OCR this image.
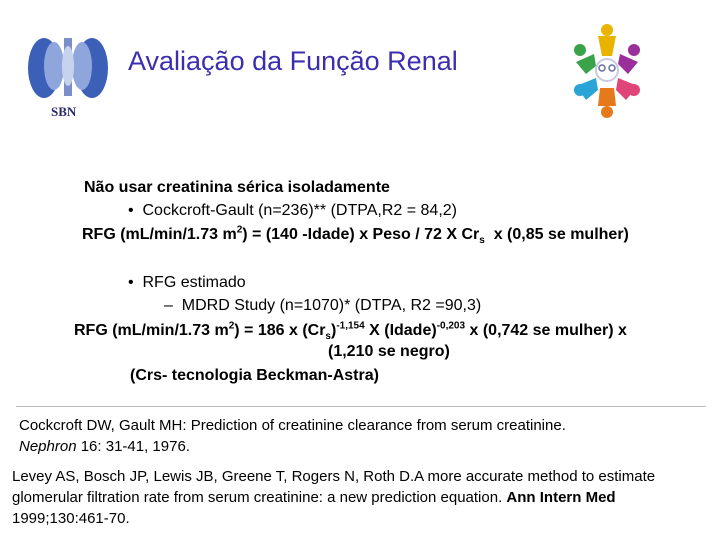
SBN
Avaliação da Função Renal
Não usar creatinina sérica isoladamente
•  Cockcroft-Gault (n=236)** (DTPA,R2 = 84,2)
RFG (mL/min/1.73 $m^2) = (140$ -Idade) x Peso / 72 X $Cr_s$ x (0,85 se mulher)
•  RFG estimado
–  MDRD Study (n=1070)* (DTPA, R2 =90,3)
RFG (mL/min/1.73 $m^2) = 186$ x $(Cr_s)^{-1,154}$ X (Idade)$^{-0,203}$ x (0,742 se mulher) x
(1,210 se negro)
(Crs- tecnologia Beckman-Astra)
Cockcroft DW, Gault MH: Prediction of creatinine clearance from serum creatinine.
Nephron 16: 31-41, 1976.
Levey AS, Bosch JP, Lewis JB, Greene T, Rogers N, Roth D.A more accurate method to estimate
glomerular filtration rate from serum creatinine: a new prediction equation. Ann Intern Med
1999;130:461-70.
